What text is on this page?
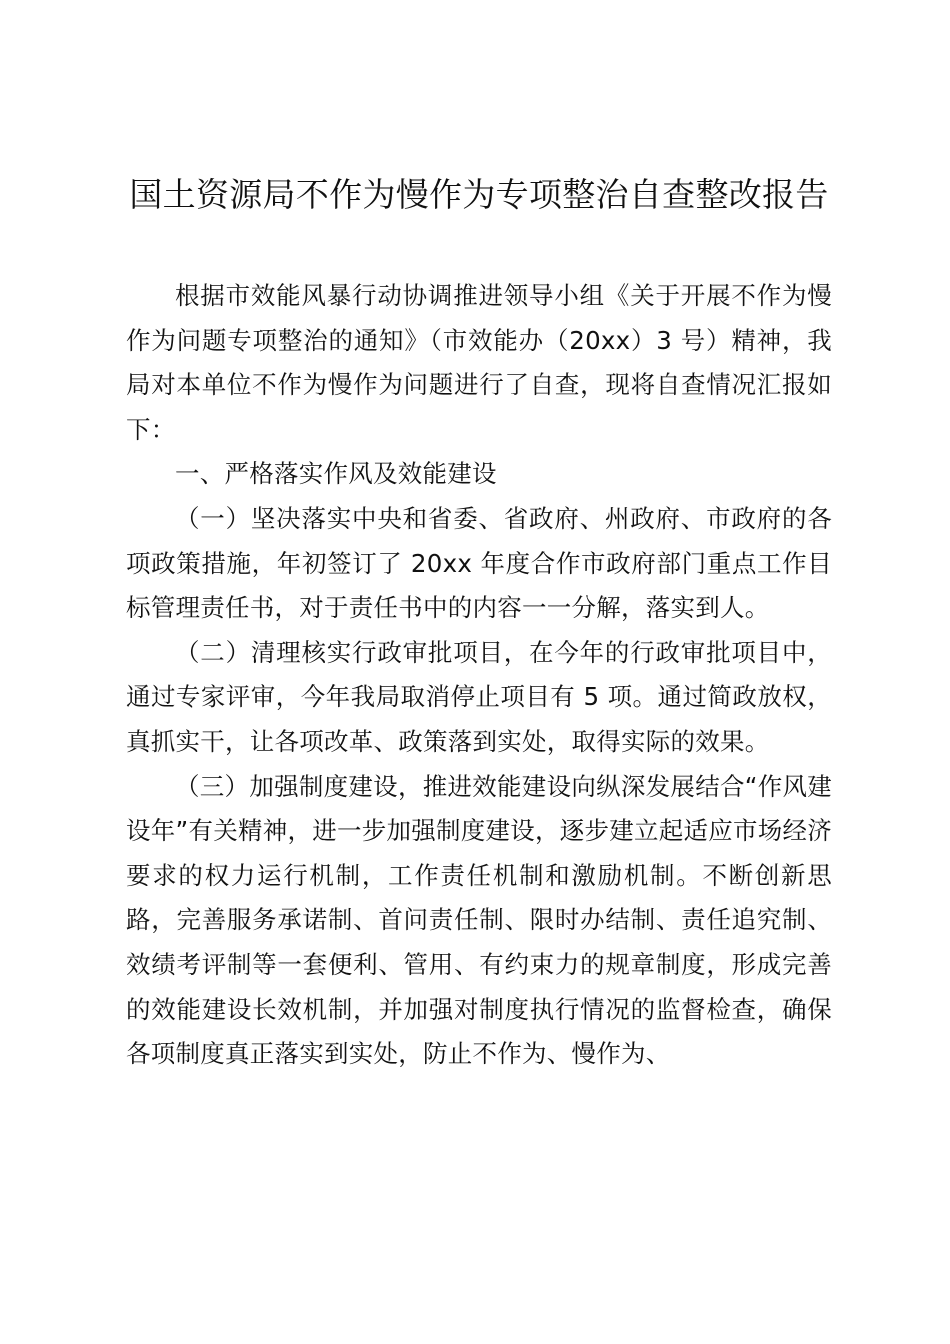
国土资源局不作为慢作为专项整治自查整改报告

根据市效能风暴行动协调推进领导小组《关于开展不作为慢作为问题专项整治的通知》（市效能办（20xx）3 号）精神，我局对本单位不作为慢作为问题进行了自查，现将自查情况汇报如下：

一、严格落实作风及效能建设

（一）坚决落实中央和省委、省政府、州政府、市政府的各项政策措施，年初签订了 20xx 年度合作市政府部门重点工作目标管理责任书，对于责任书中的内容一一分解，落实到人。

（二）清理核实行政审批项目，在今年的行政审批项目中，通过专家评审，今年我局取消停止项目有 5 项。通过简政放权，真抓实干，让各项改革、政策落到实处，取得实际的效果。

（三）加强制度建设，推进效能建设向纵深发展结合“作风建设年”有关精神，进一步加强制度建设，逐步建立起适应市场经济要求的权力运行机制，工作责任机制和激励机制。不断创新思路，完善服务承诺制、首问责任制、限时办结制、责任追究制、效绩考评制等一套便利、管用、有约束力的规章制度，形成完善的效能建设长效机制，并加强对制度执行情况的监督检查，确保各项制度真正落实到实处，防止不作为、慢作为、
